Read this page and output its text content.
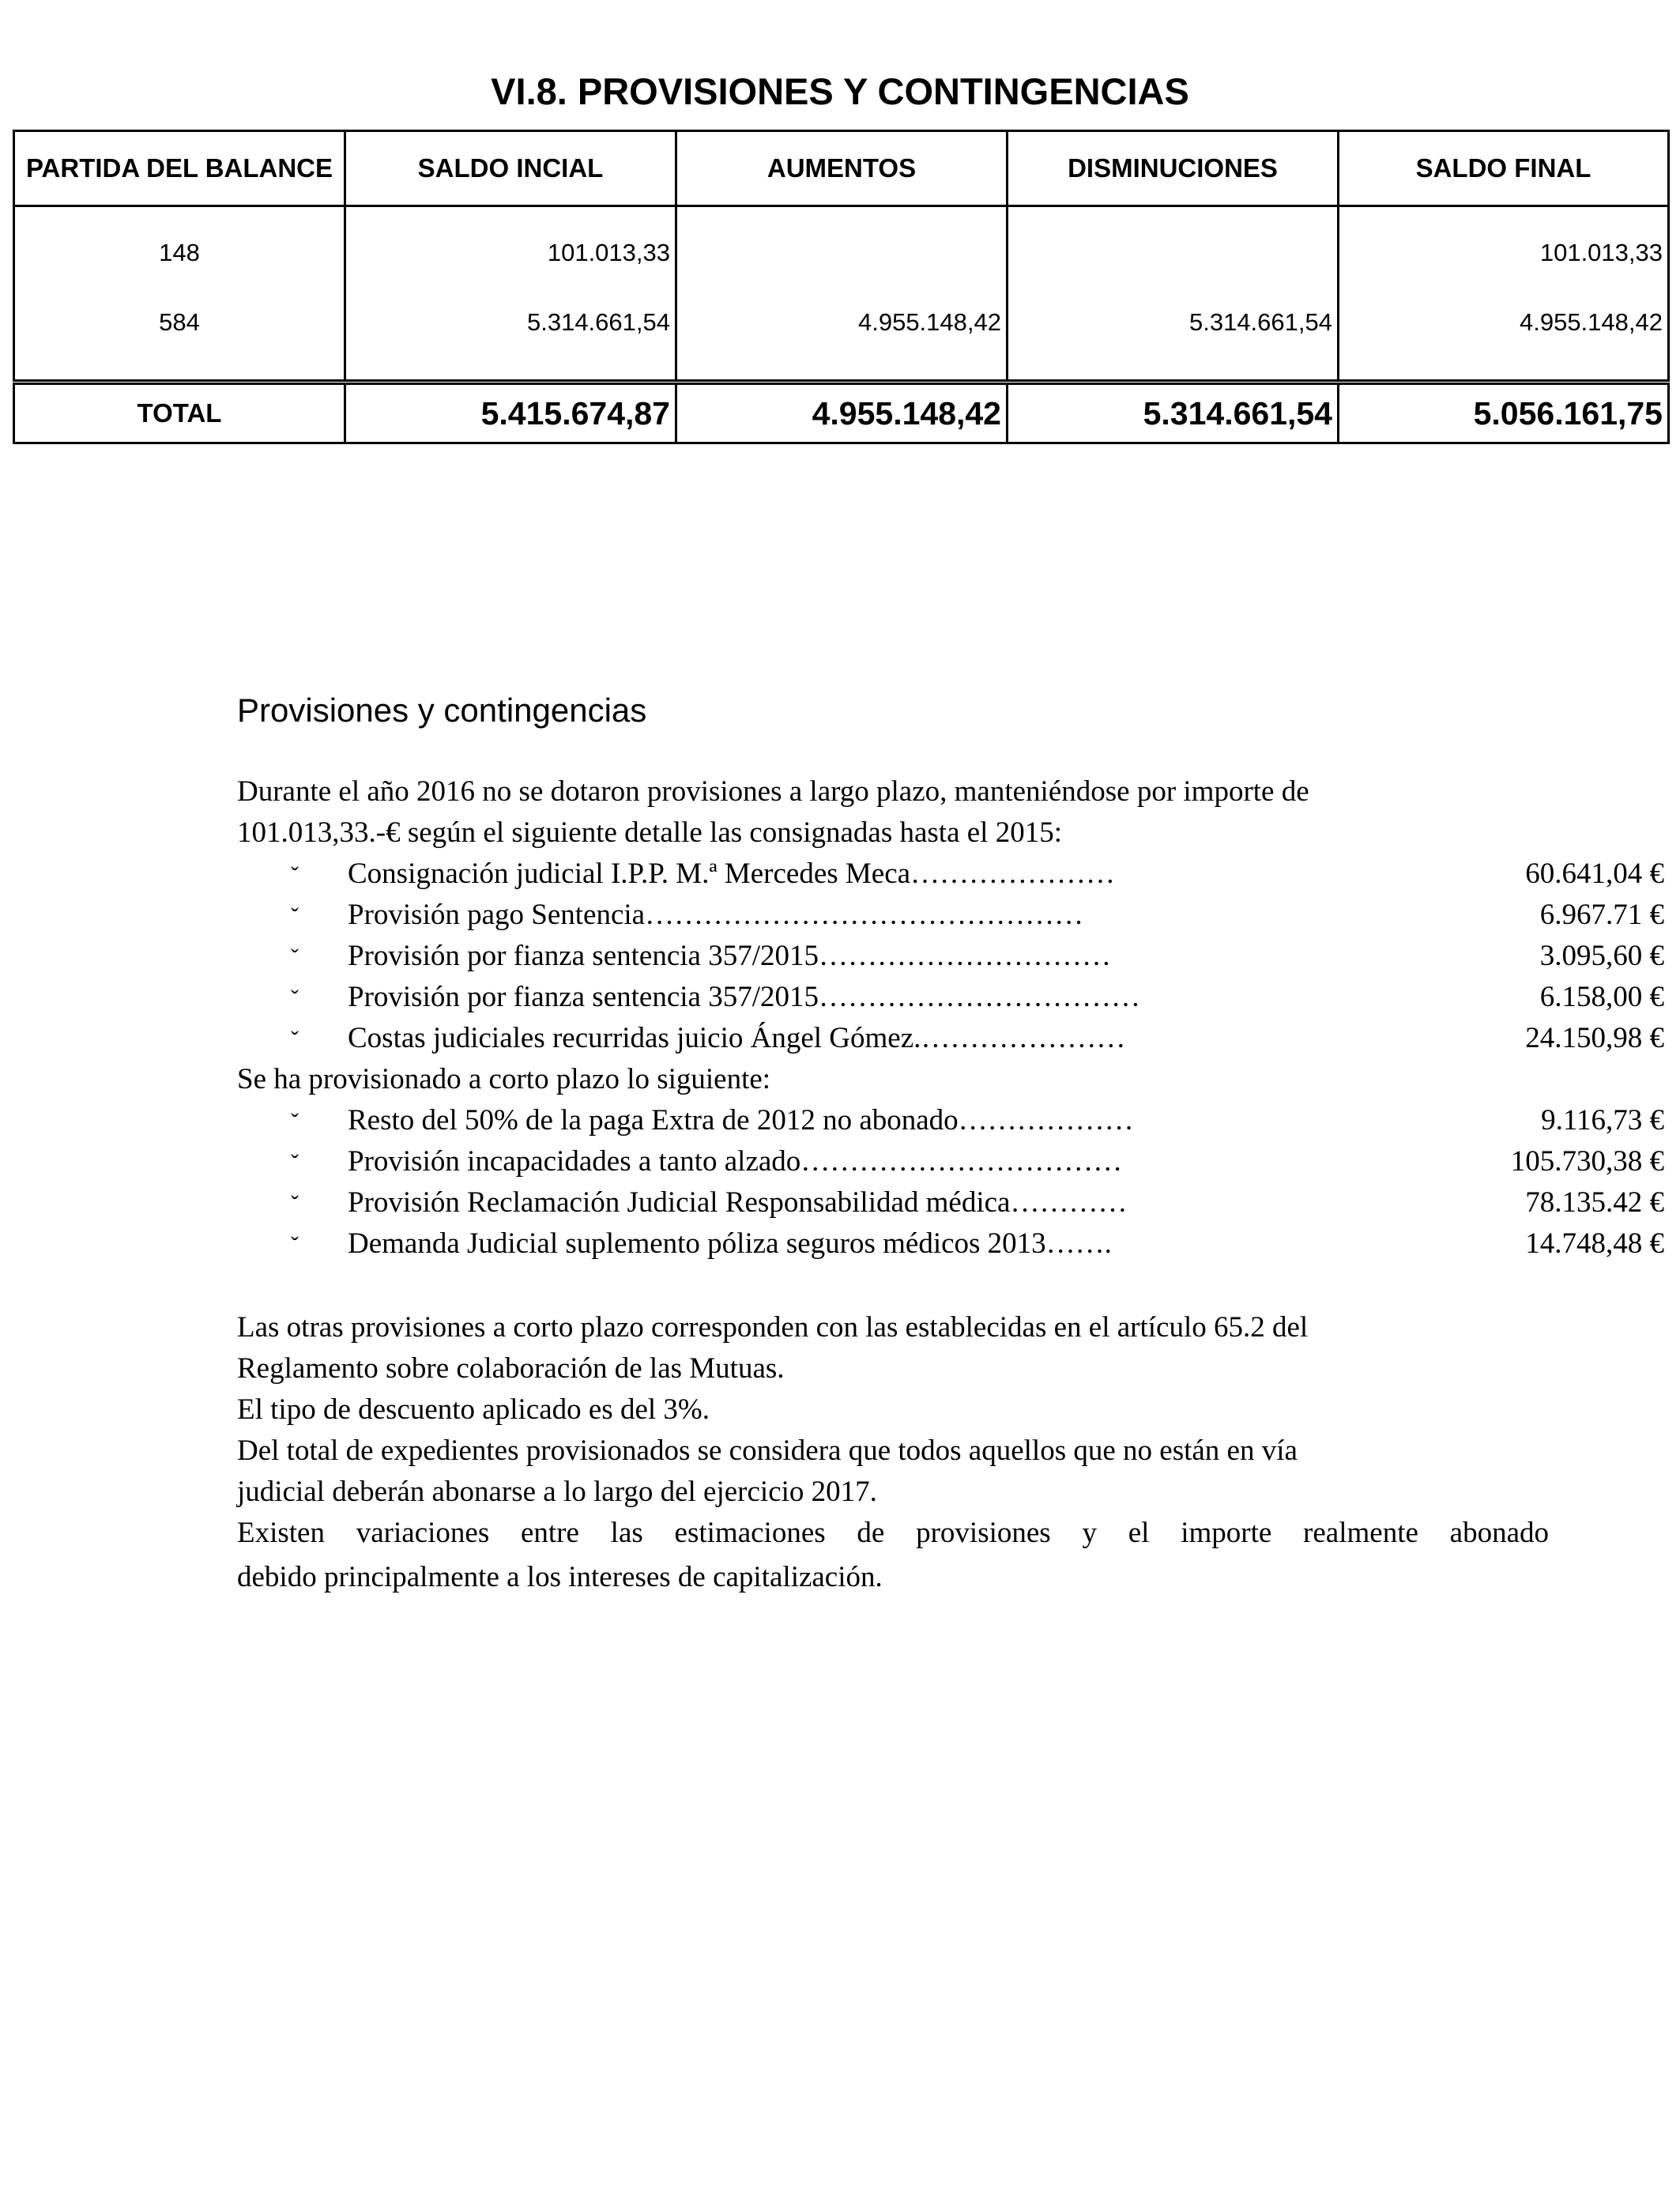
VI.8. PROVISIONES Y CONTINGENCIAS
PARTIDA DEL BALANCE	SALDO INCIAL	AUMENTOS	DISMINUCIONES	SALDO FINAL
148	101.013,33			101.013,33
584	5.314.661,54	4.955.148,42	5.314.661,54	4.955.148,42
TOTAL	5.415.674,87	4.955.148,42	5.314.661,54	5.056.161,75
Provisiones y contingencias

Durante el año 2016 no se dotaron provisiones a largo plazo, manteniéndose por importe de

101.013,33.-€ según el siguiente detalle las consignadas hasta el 2015:

ˇ Consignación judicial I.P.P. M.ª Mercedes Meca…………………	60.641,04 €
ˇ Provisión pago Sentencia………………………………………	6.967.71 €
ˇ Provisión por fianza sentencia 357/2015…………………………	3.095,60 €
ˇ Provisión por fianza sentencia 357/2015……………………………	6.158,00 €
ˇ Costas judiciales recurridas juicio Ángel Gómez.…………………	24.150,98 €

Se ha provisionado a corto plazo lo siguiente:

ˇ Resto del 50% de la paga Extra de 2012 no abonado………………	9.116,73 €
ˇ Provisión incapacidades a tanto alzado……………………………	105.730,38 €
ˇ Provisión Reclamación Judicial Responsabilidad médica…………	78.135.42 €
ˇ Demanda Judicial suplemento póliza seguros médicos 2013…….	14.748,48 €

Las otras provisiones a corto plazo corresponden con las establecidas en el artículo 65.2 del

Reglamento sobre colaboración de las Mutuas.

El tipo de descuento aplicado es del 3%.

Del total de expedientes provisionados se considera que todos aquellos que no están en vía

judicial deberán abonarse a lo largo del ejercicio 2017.

Existen variaciones entre las estimaciones de provisiones y el importe realmente abonado

debido principalmente a los intereses de capitalización.
